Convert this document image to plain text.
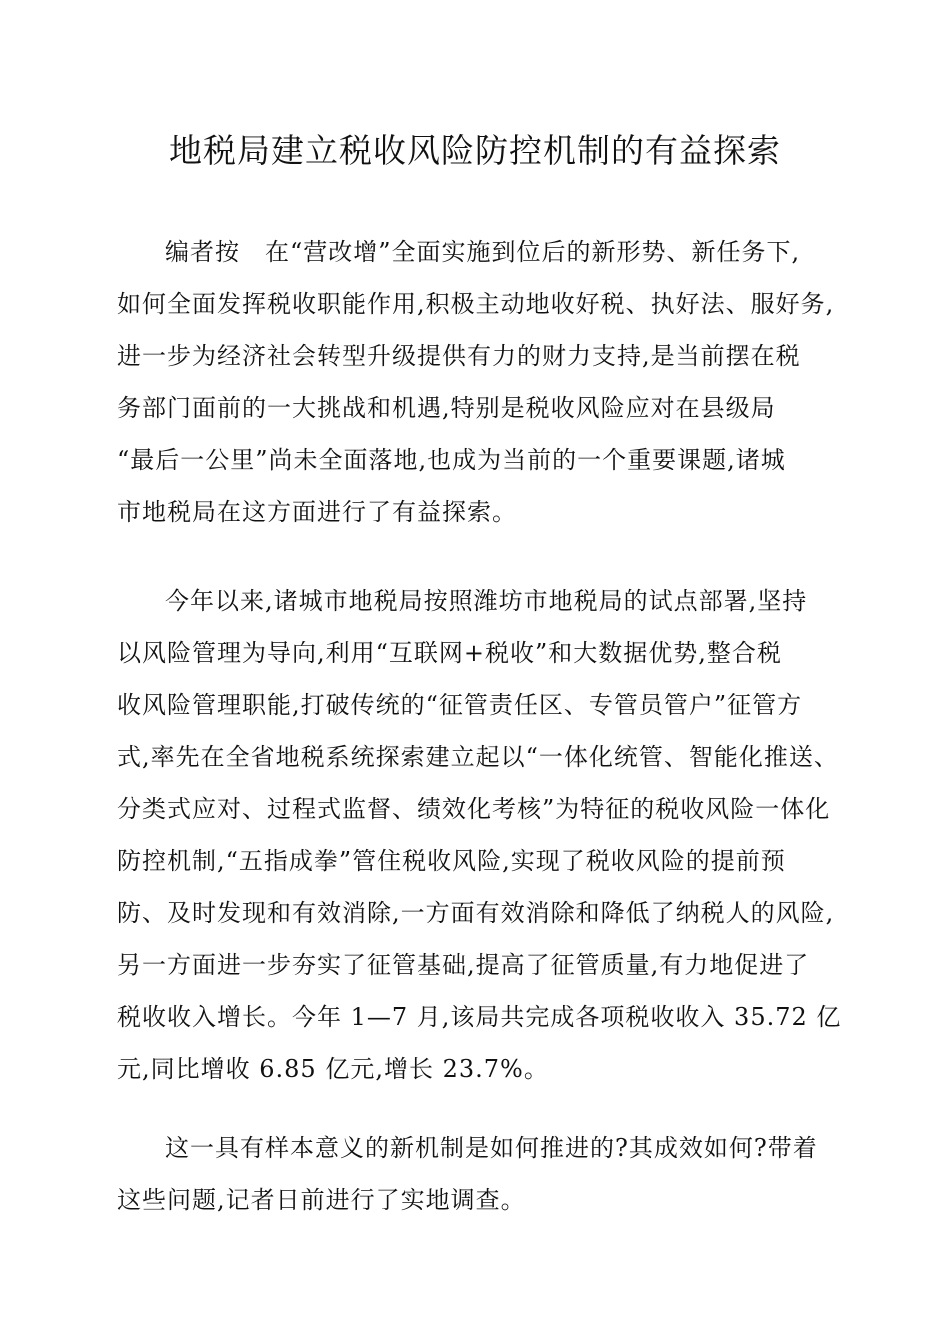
地税局建立税收风险防控机制的有益探索
编者按　在“营改增”全面实施到位后的新形势、新任务下,
如何全面发挥税收职能作用,积极主动地收好税、执好法、服好务,
进一步为经济社会转型升级提供有力的财力支持,是当前摆在税
务部门面前的一大挑战和机遇,特别是税收风险应对在县级局
“最后一公里”尚未全面落地,也成为当前的一个重要课题,诸城
市地税局在这方面进行了有益探索。
今年以来,诸城市地税局按照潍坊市地税局的试点部署,坚持
以风险管理为导向,利用“互联网+税收”和大数据优势,整合税
收风险管理职能,打破传统的“征管责任区、专管员管户”征管方
式,率先在全省地税系统探索建立起以“一体化统管、智能化推送、
分类式应对、过程式监督、绩效化考核”为特征的税收风险一体化
防控机制,“五指成拳”管住税收风险,实现了税收风险的提前预
防、及时发现和有效消除,一方面有效消除和降低了纳税人的风险,
另一方面进一步夯实了征管基础,提高了征管质量,有力地促进了
税收收入增长。今年 1—7 月,该局共完成各项税收收入 35.72 亿
元,同比增收 6.85 亿元,增长 23.7%。
这一具有样本意义的新机制是如何推进的?其成效如何?带着
这些问题,记者日前进行了实地调查。
